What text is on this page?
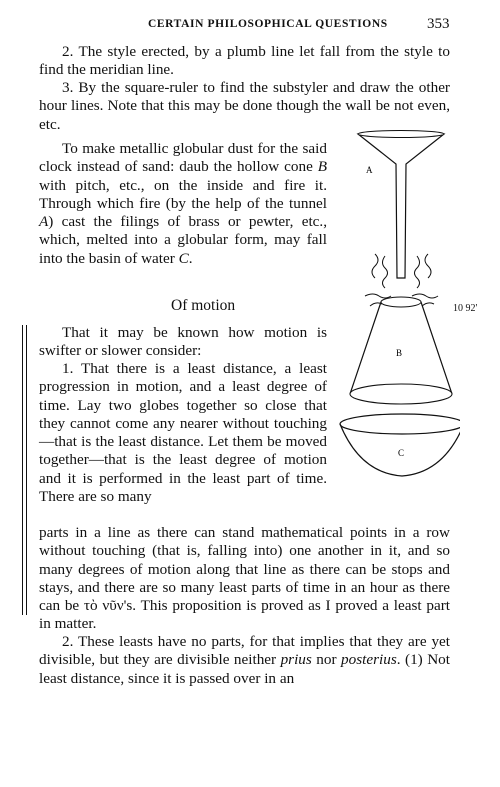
CERTAIN PHILOSOPHICAL QUESTIONS	353
2. The style erected, by a plumb line let fall from the style to find the meridian line.
3. By the square-ruler to find the substyler and draw the other hour lines. Note that this may be done though the wall be not even, etc.
To make metallic globular dust for the said clock instead of sand: daub the hollow cone B with pitch, etc., on the inside and fire it. Through which fire (by the help of the tunnel A) cast the filings of brass or pewter, etc., which, melted into a globular form, may fall into the basin of water C.
Of motion	10 92'
That it may be known how motion is swifter or slower consider:
1. That there is a least distance, a least progression in motion, and a least degree of time. Lay two globes together so close that they cannot come any nearer without touching—that is the least distance. Let them be moved together—that is the least degree of motion and it is performed in the least part of time. There are so many
parts in a line as there can stand mathematical points in a row without touching (that is, falling into) one another in it, and so many degrees of motion along that line as there can be stops and stays, and there are so many least parts of time in an hour as there can be τὸ νῦν's. This proposition is proved as I proved a least part in matter.
2. These leasts have no parts, for that implies that they are yet divisible, but they are divisible neither prius nor posterius. (1) Not least distance, since it is passed over in an
A
B
C
